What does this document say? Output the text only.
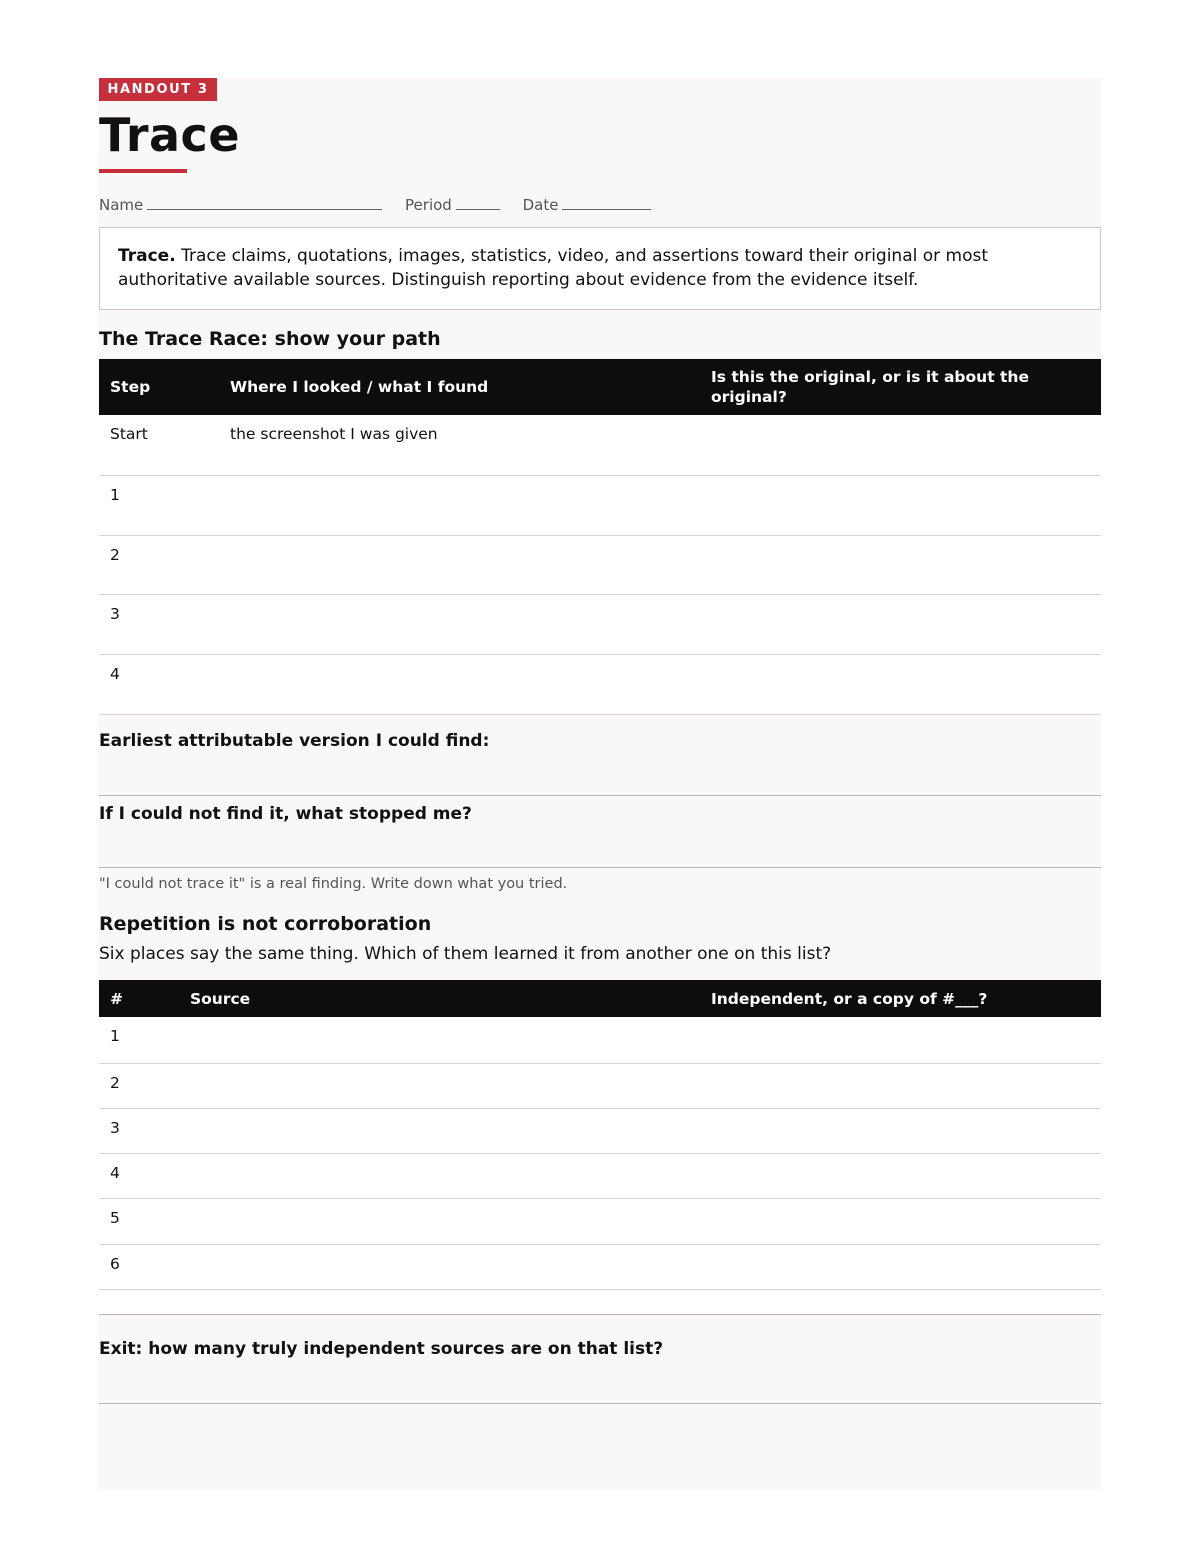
HANDOUT 3
Trace
Name	Period	Date
Trace. Trace claims, quotations, images, statistics, video, and assertions toward their original or most authoritative available sources. Distinguish reporting about evidence from the evidence itself.
The Trace Race: show your path
Step	Where I looked / what I found	Is this the original, or is it about the original?
Start	the screenshot I was given	
1		
2		
3		
4		
Earliest attributable version I could find:
If I could not find it, what stopped me?
"I could not trace it" is a real finding. Write down what you tried.
Repetition is not corroboration
Six places say the same thing. Which of them learned it from another one on this list?
#	Source	Independent, or a copy of #___?
1		
2		
3		
4		
5		
6		
Exit: how many truly independent sources are on that list?
